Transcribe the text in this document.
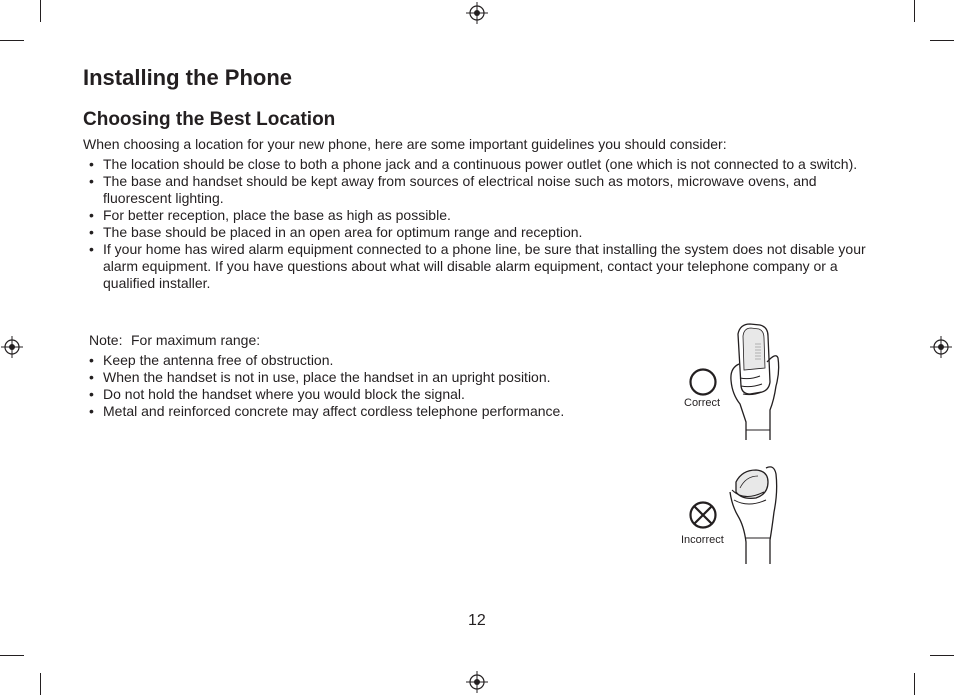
Installing the Phone
Choosing the Best Location
When choosing a location for your new phone, here are some important guidelines you should consider:
• The location should be close to both a phone jack and a continuous power outlet (one which is not connected to a switch).
• The base and handset should be kept away from sources of electrical noise such as motors, microwave ovens, and fluorescent lighting.
• For better reception, place the base as high as possible.
• The base should be placed in an open area for optimum range and reception.
• If your home has wired alarm equipment connected to a phone line, be sure that installing the system does not disable your alarm equipment. If you have questions about what will disable alarm equipment, contact your telephone company or a qualified installer.
Note: For maximum range:
• Keep the antenna free of obstruction.
• When the handset is not in use, place the handset in an upright position.
• Do not hold the handset where you would block the signal.
• Metal and reinforced concrete may affect cordless telephone performance.	Correct
Incorrect
12
